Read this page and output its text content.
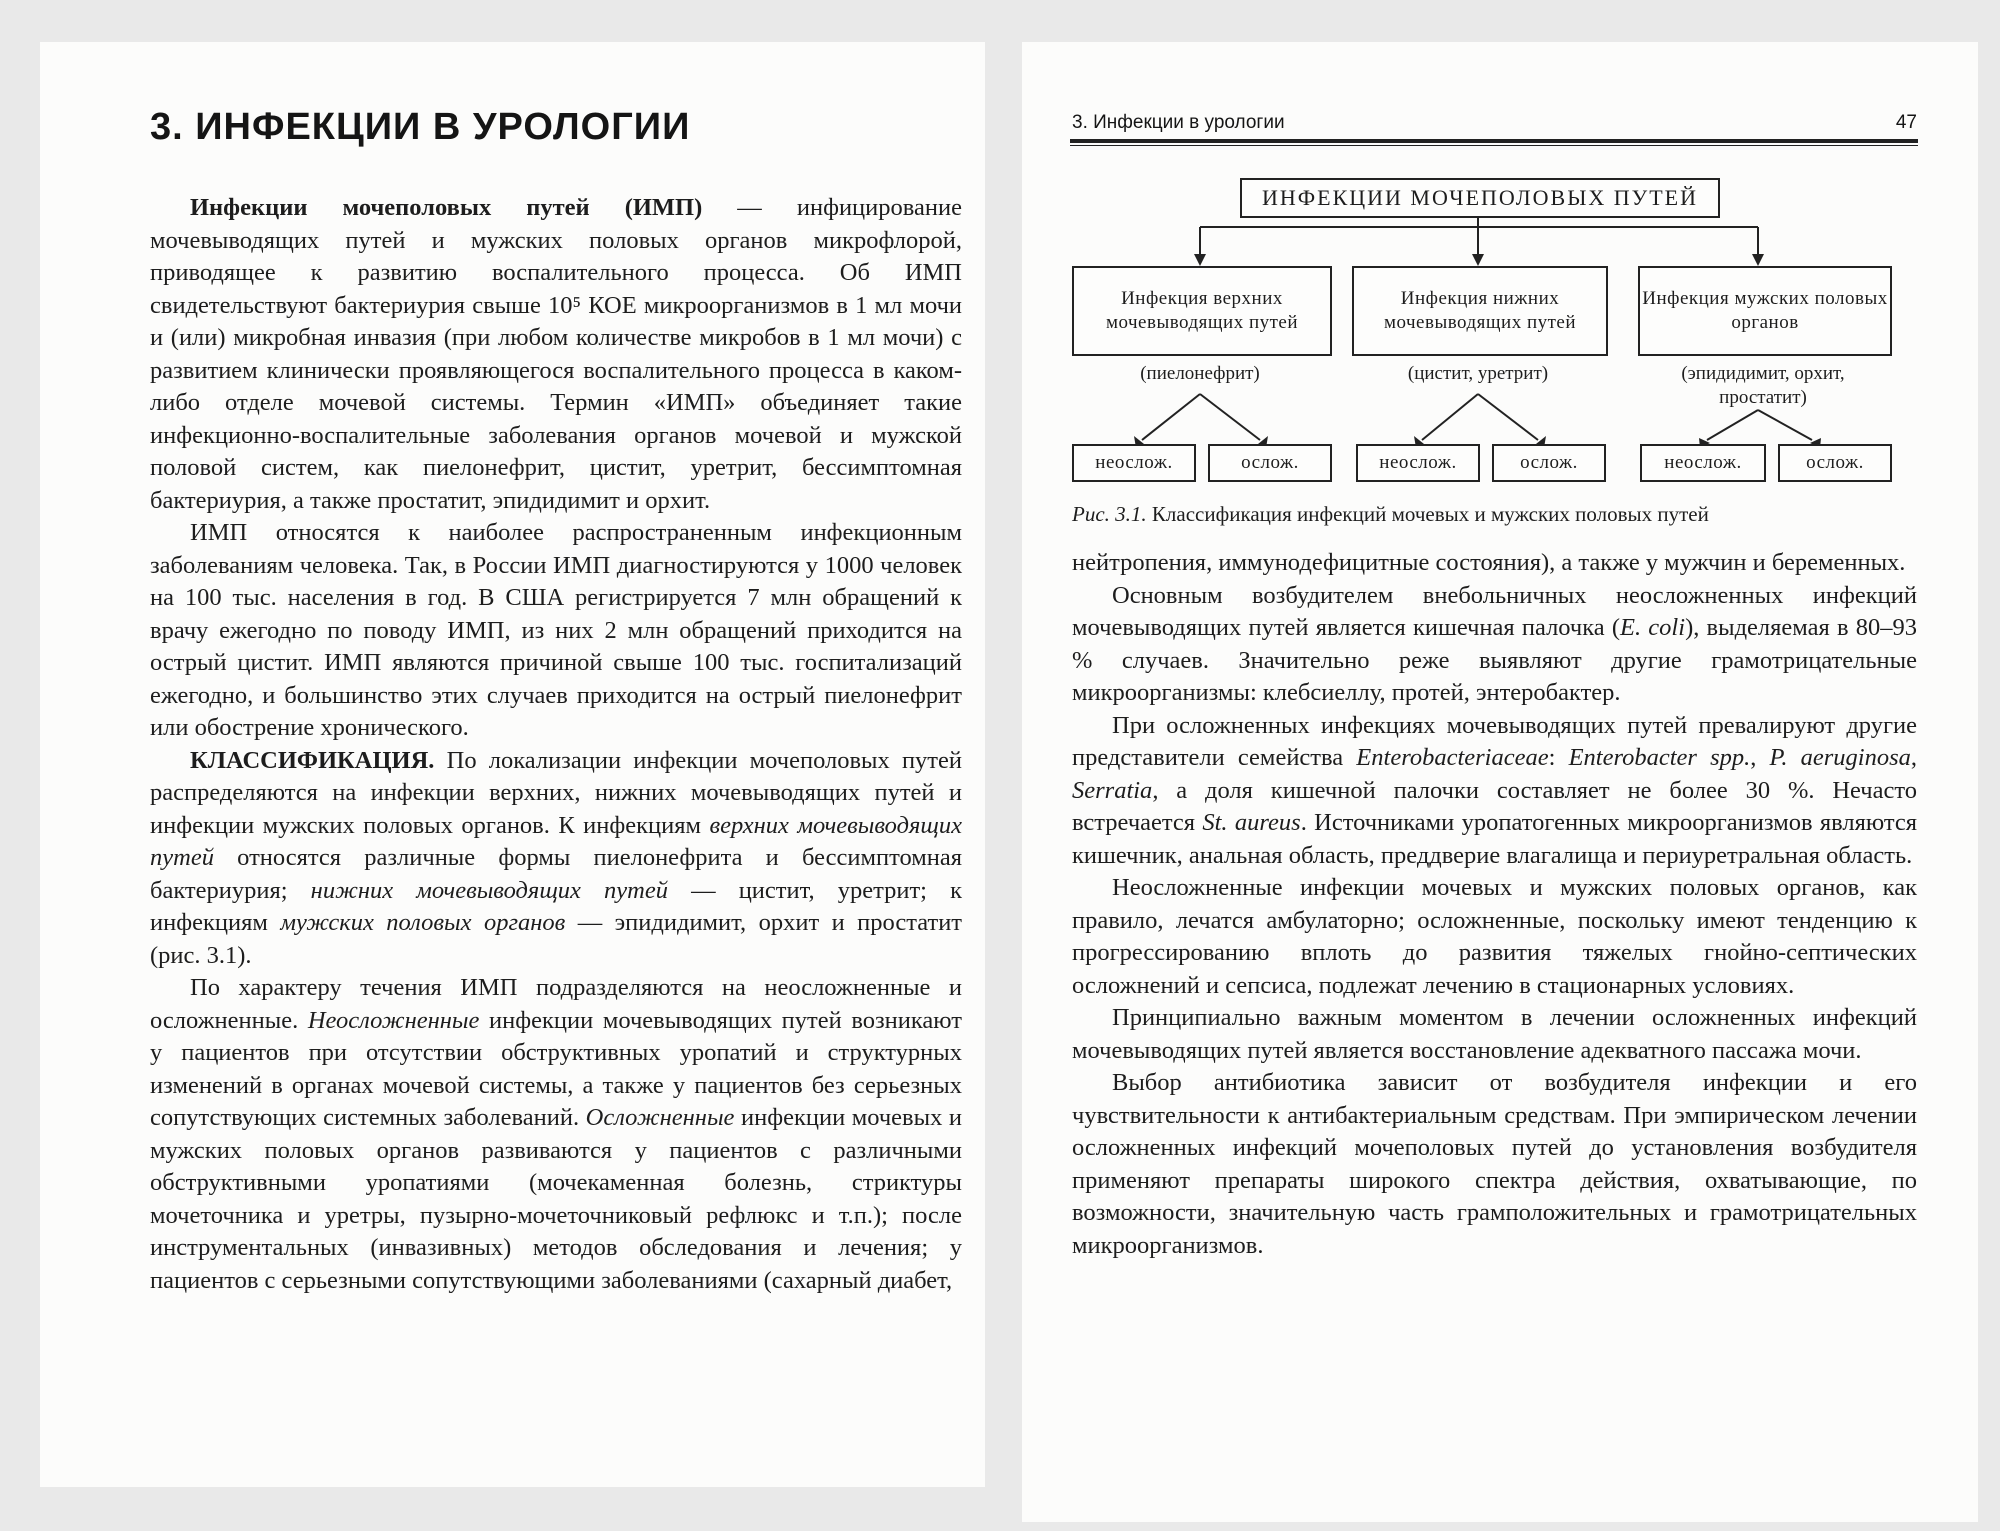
3. ИНФЕКЦИИ В УРОЛОГИИ

Инфекции мочеполовых путей (ИМП) — инфицирование мочевыводящих путей и мужских половых органов микрофлорой, приводящее к развитию воспалительного процесса. Об ИМП свидетельствуют бактериурия свыше 10⁵ КОЕ микроорганизмов в 1 мл мочи и (или) микробная инвазия (при любом количестве микробов в 1 мл мочи) с развитием клинически проявляющегося воспалительного процесса в каком-либо отделе мочевой системы. Термин «ИМП» объединяет такие инфекционно-воспалительные заболевания органов мочевой и мужской половой систем, как пиелонефрит, цистит, уретрит, бессимптомная бактериурия, а также простатит, эпидидимит и орхит.

ИМП относятся к наиболее распространенным инфекционным заболеваниям человека. Так, в России ИМП диагностируются у 1000 человек на 100 тыс. населения в год. В США регистрируется 7 млн обращений к врачу ежегодно по поводу ИМП, из них 2 млн обращений приходится на острый цистит. ИМП являются причиной свыше 100 тыс. госпитализаций ежегодно, и большинство этих случаев приходится на острый пиелонефрит или обострение хронического.

КЛАССИФИКАЦИЯ. По локализации инфекции мочеполовых путей распределяются на инфекции верхних, нижних мочевыводящих путей и инфекции мужских половых органов. К инфекциям верхних мочевыводящих путей относятся различные формы пиелонефрита и бессимптомная бактериурия; нижних мочевыводящих путей — цистит, уретрит; к инфекциям мужских половых органов — эпидидимит, орхит и простатит (рис. 3.1).

По характеру течения ИМП подразделяются на неосложненные и осложненные. Неосложненные инфекции мочевыводящих путей возникают у пациентов при отсутствии обструктивных уропатий и структурных изменений в органах мочевой системы, а также у пациентов без серьезных сопутствующих системных заболеваний. Осложненные инфекции мочевых и мужских половых органов развиваются у пациентов с различными обструктивными уропатиями (мочекаменная болезнь, стриктуры мочеточника и уретры, пузырно-мочеточниковый рефлюкс и т.п.); после инструментальных (инвазивных) методов обследования и лечения; у пациентов с серьезными сопутствующими заболеваниями (сахарный диабет,

3. Инфекции в урологии	47
ИНФЕКЦИИ МОЧЕПОЛОВЫХ ПУТЕЙ
Инфекция верхних мочевыводящих путей
Инфекция нижних мочевыводящих путей
Инфекция мужских половых органов
(пиелонефрит)	(цистит, уретрит)	(эпидидимит, орхит, простатит)
неослож.	ослож.	неослож.	ослож.	неослож.	ослож.
Рис. 3.1. Классификация инфекций мочевых и мужских половых путей

нейтропения, иммунодефицитные состояния), а также у мужчин и беременных.

Основным возбудителем внебольничных неосложненных инфекций мочевыводящих путей является кишечная палочка (E. coli), выделяемая в 80–93 % случаев. Значительно реже выявляют другие грамотрицательные микроорганизмы: клебсиеллу, протей, энтеробактер.

При осложненных инфекциях мочевыводящих путей превалируют другие представители семейства Enterobacteriaceae: Enterobacter spp., P. aeruginosa, Serratia, а доля кишечной палочки составляет не более 30 %. Нечасто встречается St. aureus. Источниками уропатогенных микроорганизмов являются кишечник, анальная область, преддверие влагалища и периуретральная область.

Неосложненные инфекции мочевых и мужских половых органов, как правило, лечатся амбулаторно; осложненные, поскольку имеют тенденцию к прогрессированию вплоть до развития тяжелых гнойно-септических осложнений и сепсиса, подлежат лечению в стационарных условиях.

Принципиально важным моментом в лечении осложненных инфекций мочевыводящих путей является восстановление адекватного пассажа мочи.

Выбор антибиотика зависит от возбудителя инфекции и его чувствительности к антибактериальным средствам. При эмпирическом лечении осложненных инфекций мочеполовых путей до установления возбудителя применяют препараты широкого спектра действия, охватывающие, по возможности, значительную часть грамположительных и грамотрицательных микроорганизмов.
